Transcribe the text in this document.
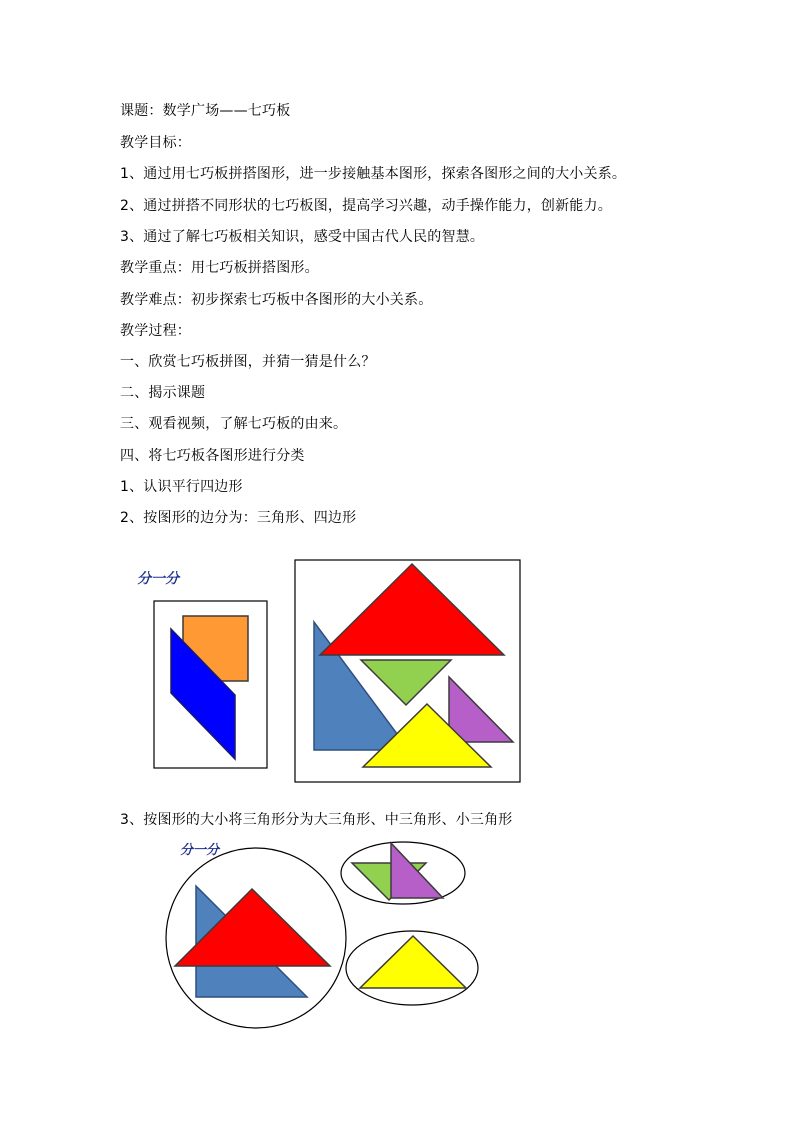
课题：数学广场——七巧板
教学目标：
1、通过用七巧板拼搭图形，进一步接触基本图形，探索各图形之间的大小关系。
2、通过拼搭不同形状的七巧板图，提高学习兴趣，动手操作能力，创新能力。
3、通过了解七巧板相关知识，感受中国古代人民的智慧。
教学重点：用七巧板拼搭图形。
教学难点：初步探索七巧板中各图形的大小关系。
教学过程：
一、欣赏七巧板拼图，并猜一猜是什么？
二、揭示课题
三、观看视频，了解七巧板的由来。
四、将七巧板各图形进行分类
1、认识平行四边形
2、按图形的边分为：三角形、四边形
分一分
3、按图形的大小将三角形分为大三角形、中三角形、小三角形
分一分
